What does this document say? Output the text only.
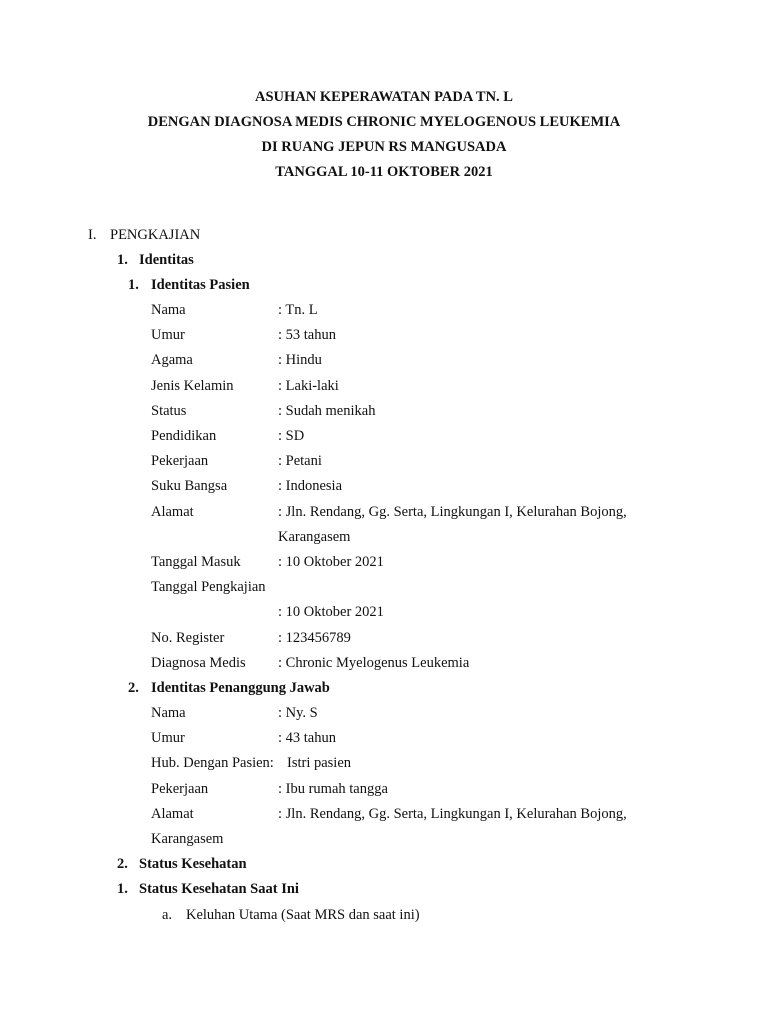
ASUHAN KEPERAWATAN PADA TN. L
DENGAN DIAGNOSA MEDIS CHRONIC MYELOGENOUS LEUKEMIA
DI RUANG JEPUN RS MANGUSADA
TANGGAL 10-11 OKTOBER 2021
I. PENGKAJIAN
1. Identitas
1. Identitas Pasien
Nama	: Tn. L
Umur	: 53 tahun
Agama	: Hindu
Jenis Kelamin	: Laki-laki
Status	: Sudah menikah
Pendidikan	: SD
Pekerjaan	: Petani
Suku Bangsa	: Indonesia
Alamat	: Jln. Rendang, Gg. Serta, Lingkungan I, Kelurahan Bojong,
Karangasem
Tanggal Masuk	: 10 Oktober 2021
Tanggal Pengkajian
: 10 Oktober 2021
No. Register	: 123456789
Diagnosa Medis : Chronic Myelogenus Leukemia
2. Identitas Penanggung Jawab
Nama	: Ny. S
Umur	: 43 tahun
Hub. Dengan Pasien: Istri pasien
Pekerjaan	: Ibu rumah tangga
Alamat	: Jln. Rendang, Gg. Serta, Lingkungan I, Kelurahan Bojong,
Karangasem
2. Status Kesehatan
1. Status Kesehatan Saat Ini
a. Keluhan Utama (Saat MRS dan saat ini)
